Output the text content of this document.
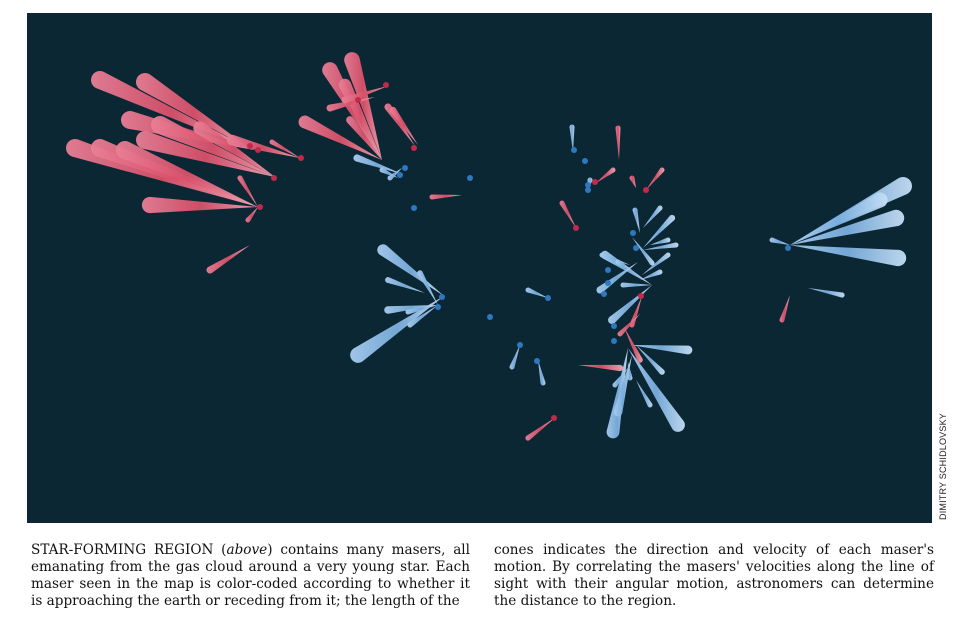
DIMITRY SCHIDLOVSKY

STAR-FORMING REGION (above) contains many masers, all emanating from the gas cloud around a very young star. Each maser seen in the map is color-coded according to whether it is approaching the earth or receding from it; the length of the

cones indicates the direction and velocity of each maser's motion. By correlating the masers' velocities along the line of sight with their angular motion, astronomers can determine the distance to the region.
